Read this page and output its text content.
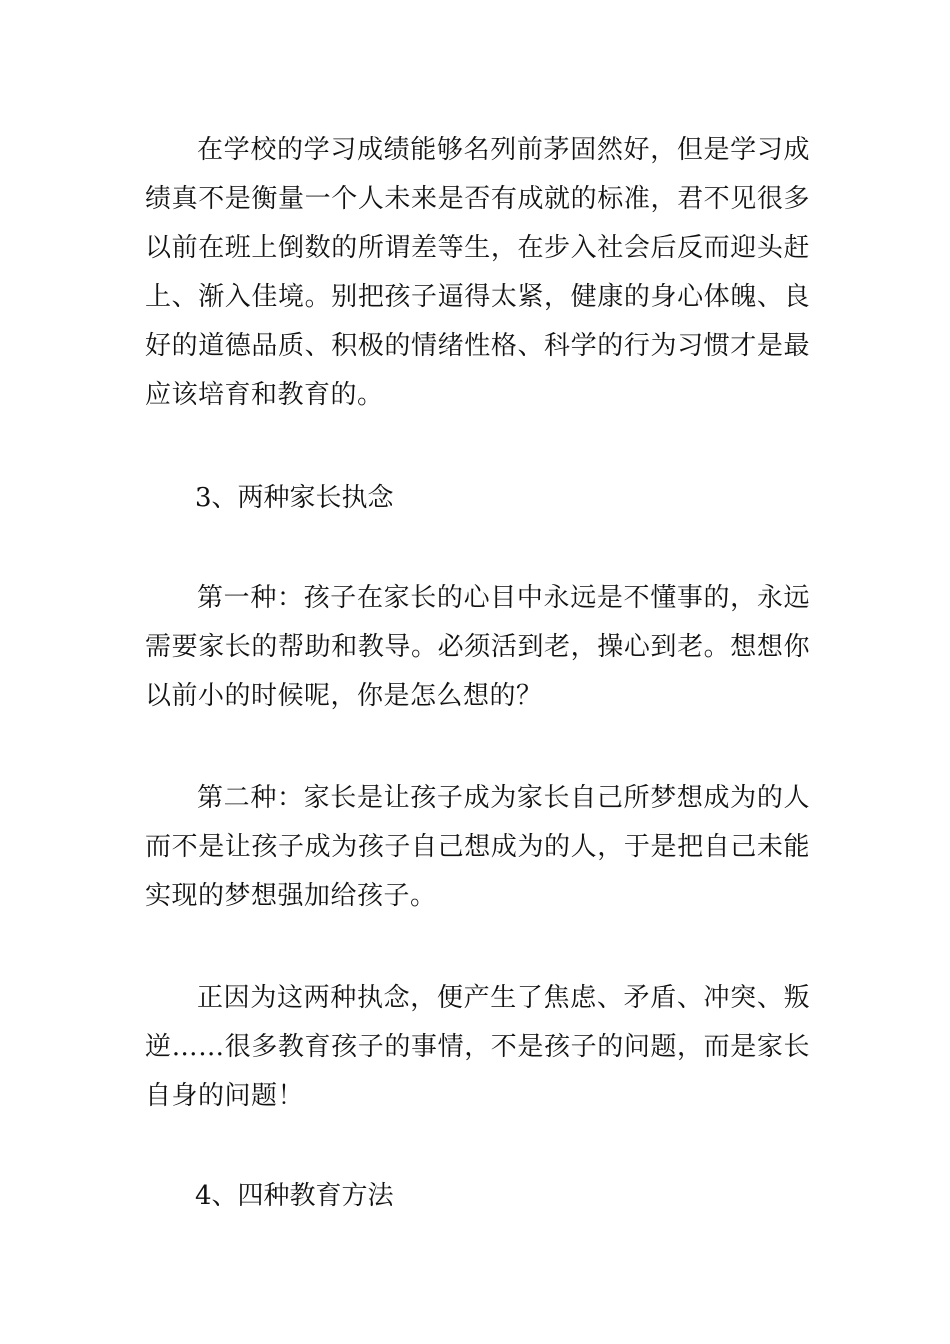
在学校的学习成绩能够名列前茅固然好，但是学习成绩真不是衡量一个人未来是否有成就的标准，君不见很多以前在班上倒数的所谓差等生，在步入社会后反而迎头赶上、渐入佳境。别把孩子逼得太紧，健康的身心体魄、良好的道德品质、积极的情绪性格、科学的行为习惯才是最应该培育和教育的。

3、两种家长执念

第一种：孩子在家长的心目中永远是不懂事的，永远需要家长的帮助和教导。必须活到老，操心到老。想想你以前小的时候呢，你是怎么想的？

第二种：家长是让孩子成为家长自己所梦想成为的人而不是让孩子成为孩子自己想成为的人，于是把自己未能实现的梦想强加给孩子。

正因为这两种执念，便产生了焦虑、矛盾、冲突、叛逆……很多教育孩子的事情，不是孩子的问题，而是家长自身的问题！

4、四种教育方法
